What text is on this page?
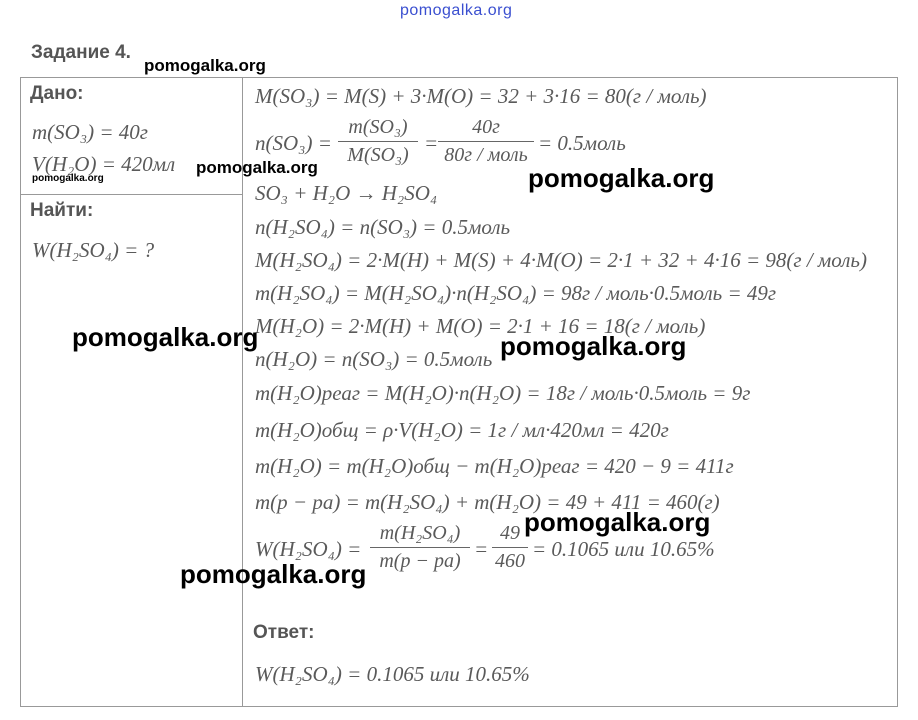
pomogalka.org
Задание 4.
pomogalka.org
Дано:
m(SO₃) = 40г
V(H₂O) = 420мл
pomogalka.org
pomogalka.org
Найти:
W(H₂SO₄) = ?
M(SO₃) = M(S) + 3·M(O) = 32 + 3·16 = 80(г / моль)
n(SO₃) =
m(SO₃)
M(SO₃) =
40г
80г / моль = 0.5моль
SO₃ + H₂O → H₂SO₄
n(H₂SO₄) = n(SO₃) = 0.5моль
M(H₂SO₄) = 2·M(H) + M(S) + 4·M(O) = 2·1 + 32 + 4·16 = 98(г / моль)
m(H₂SO₄) = M(H₂SO₄)·n(H₂SO₄) = 98г / моль·0.5моль = 49г
M(H₂O) = 2·M(H) + M(O) = 2·1 + 16 = 18(г / моль)
n(H₂O) = n(SO₃) = 0.5моль
m(H₂O)реаг = M(H₂O)·n(H₂O) = 18г / моль·0.5моль = 9г
m(H₂O)общ = ρ·V(H₂O) = 1г / мл·420мл = 420г
m(H₂O) = m(H₂O)общ − m(H₂O)реаг = 420 − 9 = 411г
m(p − pa) = m(H₂SO₄) + m(H₂O) = 49 + 411 = 460(г)
W(H₂SO₄) =
m(H₂SO₄)
m(p − pa) =
49
460 = 0.1065 или 10.65%
Ответ:
W(H₂SO₄) = 0.1065 или 10.65%
pomogalka.org
pomogalka.org
pomogalka.org
pomogalka.org
pomogalka.org
